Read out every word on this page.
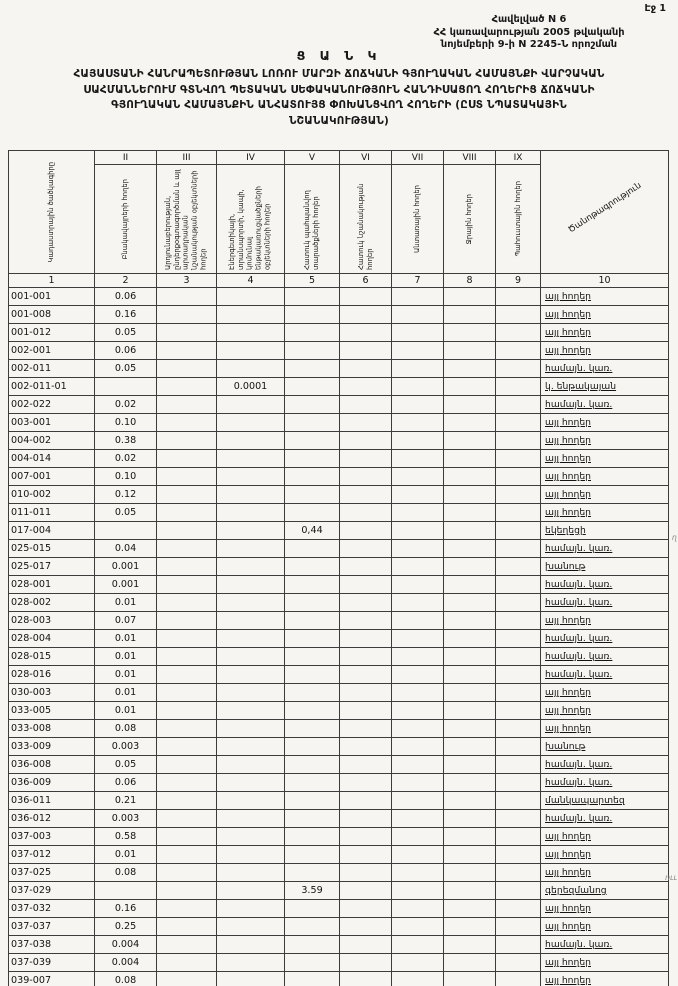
Էջ 1
Հավելված N 6
ՀՀ կառավարության 2005 թվականի
նոյեմբերի 9-ի N 2245-Ն որոշման
Ց Ա Ն Կ
ՀԱՅԱՍՏԱՆԻ ՀԱՆՐԱՊԵՏՈՒԹՅԱՆ ԼՈՌՈՒ ՄԱՐԶԻ ՃՈՃԿԱՆԻ ԳՅՈՒՂԱԿԱՆ ՀԱՄԱՅՆՔԻ ՎԱՐՉԱԿԱՆ
ՍԱՀՄԱՆՆԵՐՈՒՄ ԳՏՆՎՈՂ ՊԵՏԱԿԱՆ ՍԵՓԱԿԱՆՈՒԹՅՈՒՆ ՀԱՆԴԻՍԱՑՈՂ ՀՈՂԵՐԻՑ ՃՈՃԿԱՆԻ
ԳՅՈՒՂԱԿԱՆ ՀԱՄԱՅՆՔԻՆ ԱՆՀԱՏՈՒՅՑ ՓՈԽԱՆՑՎՈՂ ՀՈՂԵՐԻ (ԸՍՏ ՆՊԱՏԱԿԱՅԻՆ
ՆՇԱՆԱԿՈՒԹՅԱՆ)
Կադաստրային ծածկագիրը	II	III	IV	V	VI	VII	VIII	IX	Ծանոթագրություն

	Բնակավայրերի հողեր	Արդյունաբերության, ընդերքօգտագործման և այլ արտադրական նշանակության օբյեկտների հողեր	Էներգետիկայի, տրանսպորտի, կապի, կոմունալ ենթակառուցվածքների օբյեկտների հողեր	Հատուկ պահպանվող տարածքների հողեր	Հատուկ նշանակության հողեր	Անտառային հողեր	Ջրային հողեր	Պահուստային հողեր	

1	2	3	4	5	6	7	8	9	10
001-001	0.06								այլ հողեր
001-008	0.16								այլ հողեր
001-012	0.05								այլ հողեր
002-001	0.06								այլ հողեր
002-011	0.05								համայն. կառ.
002-011-01			0.0001						կ. ենթակայան
002-022	0.02								համայն. կառ.
003-001	0.10								այլ հողեր
004-002	0.38								այլ հողեր
004-014	0.02								այլ հողեր
007-001	0.10								այլ հողեր
010-002	0.12								այլ հողեր
011-011	0.05								այլ հողեր
017-004				0,44					եկեղեցի
025-015	0.04								համայն. կառ.
025-017	0.001								խանութ
028-001	0.001								համայն. կառ.
028-002	0.01								համայն. կառ.
028-003	0.07								այլ հողեր
028-004	0.01								համայն. կառ.
028-015	0.01								համայն. կառ.
028-016	0.01								համայն. կառ.
030-003	0.01								այլ հողեր
033-005	0.01								այլ հողեր
033-008	0.08								այլ հողեր
033-009	0.003								խանութ
036-008	0.05								համայն. կառ.
036-009	0.06								համայն. կառ.
036-011	0.21								մանկապարտեզ
036-012	0.003								համայն. կառ.
037-003	0.58								այլ հողեր
037-012	0.01								այլ հողեր
037-025	0.08								այլ հողեր
037-029				3.59					գերեզմանոց
037-032	0.16								այլ հողեր
037-037	0.25								այլ հողեր
037-038	0.004								համայն. կառ.
037-039	0.004								այլ հողեր
039-007	0.08								այլ հողեր
ղ
ոււ
